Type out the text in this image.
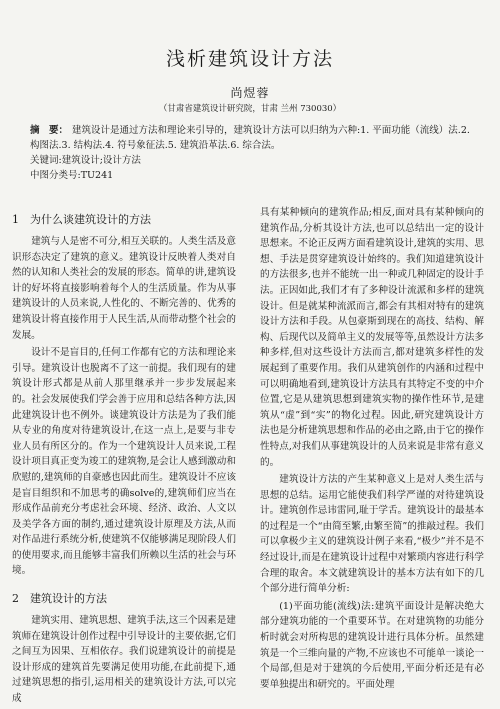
浅析建筑设计方法
尚煜蓉
（甘肃省建筑设计研究院，甘肃 兰州 730030）
摘　要： 建筑设计是通过方法和理论来引导的，建筑设计方法可以归纳为六种:1. 平面功能（流线）法.2. 构图法.3. 结构法.4. 符号象征法.5. 建筑沿革法.6. 综合法。
关键词:建筑设计;设计方法
中图分类号:TU241
1 为什么谈建筑设计的方法

建筑与人是密不可分,相互关联的。人类生活及意识形态决定了建筑的意义。建筑设计反映着人类对自然的认知和人类社会的发展的形态。简单的讲,建筑设计的好坏将直接影响着每个人的生活质量。作为从事建筑设计的人员来说,人性化的、不断完善的、优秀的建筑设计将直接作用于人民生活,从而带动整个社会的发展。

设计不是盲目的,任何工作都有它的方法和理论来引导。建筑设计也脱离不了这一前提。我们现有的建筑设计形式都是从前人那里继承并一步步发展起来的。社会发展使我们学会善于应用和总结各种方法,因此建筑设计也不例外。谈建筑设计方法是为了我们能从专业的角度对待建筑设计,在这一点上,是要与非专业人员有所区分的。作为一个建筑设计人员来说,工程设计项目真正变为竣工的建筑物,是会让人感到激动和欣慰的,建筑师的自豪感也因此而生。建筑设计不应该是盲目组织和不加思考的确solve的,建筑师们应当在形成作品前充分考虑社会环境、经济、政治、人文以及美学各方面的制约,通过建筑设计原理及方法,从而对作品进行系统分析,使建筑不仅能够满足现阶段人们的使用要求,而且能够丰富我们所赖以生活的社会与环境。

2 建筑设计的方法

建筑实用、建筑思想、建筑手法,这三个因素是建筑师在建筑设计创作过程中引导设计的主要依据,它们之间互为因果、互相依存。我们说建筑设计的前提是设计形成的建筑首先要满足使用功能,在此前提下,通过建筑思想的指引,运用相关的建筑设计方法,可以完成

具有某种倾向的建筑作品;相反,面对具有某种倾向的建筑作品,分析其设计方法,也可以总结出一定的设计思想来。不论正反两方面看建筑设计,建筑的实用、思想、手法是贯穿建筑设计始终的。我们知道建筑设计的方法很多,也并不能统一出一种或几种固定的设计手法。正因如此,我们才有了多种设计流派和多样的建筑设计。但是就某种流派而言,都会有其相对特有的建筑设计方法和手段。从包豪斯到现在的高技、结构、解构、后现代以及简单主义的发展等等,虽然设计方法多种多样,但对这些设计方法而言,都对建筑多样性的发展起到了重要作用。我们从建筑创作的内涵和过程中可以明确地看到,建筑设计方法具有其特定不变的中介位置,它是从建筑思想到建筑实物的操作性环节,是建筑从“虚”到“实”的物化过程。因此,研究建筑设计方法也是分析建筑思想和作品的必由之路,由于它的操作性特点,对我们从事建筑设计的人员来说是非常有意义的。

建筑设计方法的产生某种意义上是对人类生活与思想的总结。运用它能使我们科学严谨的对待建筑设计。建筑创作忌讳雷同,耻于学舌。建筑设计的最基本的过程是一个“由简至繁,由繁至简”的推敲过程。我们可以拿极少主义的建筑设计例子来看,“极少”并不是不经过设计,而是在建筑设计过程中对繁琐内容进行科学合理的取舍。本文就建筑设计的基本方法有如下的几个部分进行简单分析:

(1)平面功能(流线)法:建筑平面设计是解决绝大部分建筑功能的一个重要环节。在对建筑物的功能分析时就会对所构思的建筑设计进行具体分析。虽然建筑是一个三维向量的产物,不应该也不可能单一谈论一个局部,但是对于建筑的今后使用,平面分析还是有必要单独提出和研究的。平面处理
